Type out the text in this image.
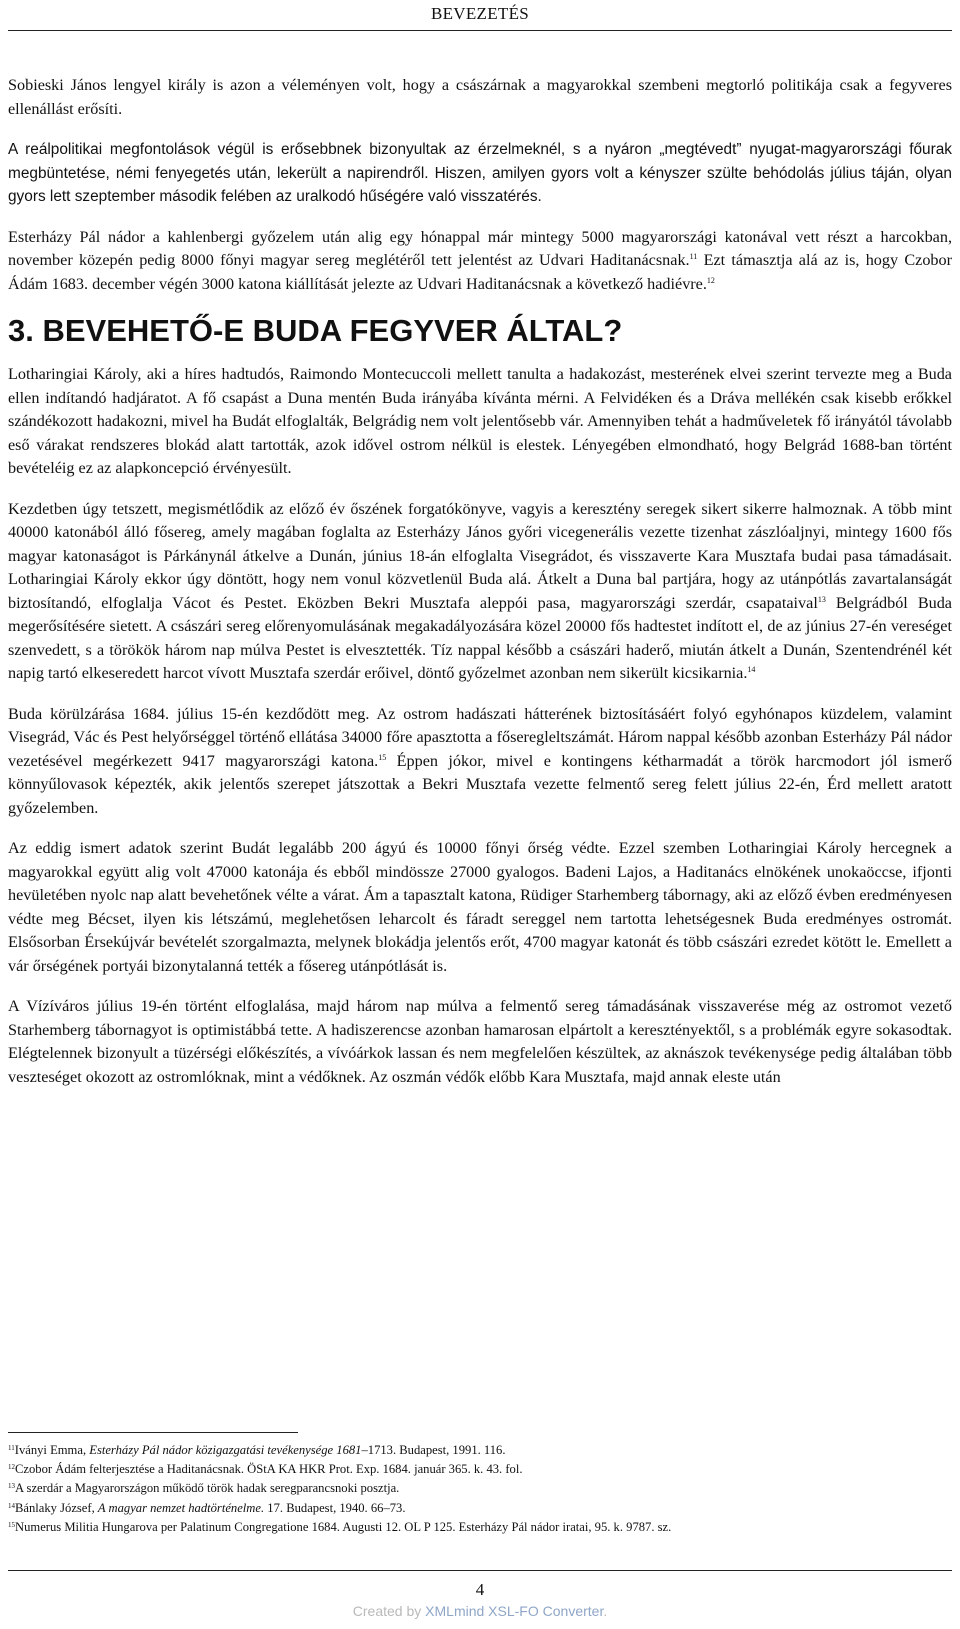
BEVEZETÉS

Sobieski János lengyel király is azon a véleményen volt, hogy a császárnak a magyarokkal szembeni megtorló politikája csak a fegyveres ellenállást erősíti.

A reálpolitikai megfontolások végül is erősebbnek bizonyultak az érzelmeknél, s a nyáron „megtévedt” nyugat-magyarországi főurak megbüntetése, némi fenyegetés után, lekerült a napirendről. Hiszen, amilyen gyors volt a kényszer szülte behódolás július táján, olyan gyors lett szeptember második felében az uralkodó hűségére való visszatérés.

Esterházy Pál nádor a kahlenbergi győzelem után alig egy hónappal már mintegy 5000 magyarországi katonával vett részt a harcokban, november közepén pedig 8000 főnyi magyar sereg meglétéről tett jelentést az Udvari Haditanácsnak.$^{11}$ Ezt támasztja alá az is, hogy Czobor Ádám 1683. december végén 3000 katona kiállítását jelezte az Udvari Haditanácsnak a következő hadiévre.$^{12}$

3. BEVEHETŐ-E BUDA FEGYVER ÁLTAL?

Lotharingiai Károly, aki a híres hadtudós, Raimondo Montecuccoli mellett tanulta a hadakozást, mesterének elvei szerint tervezte meg a Buda ellen indítandó hadjáratot. A fő csapást a Duna mentén Buda irányába kívánta mérni. A Felvidéken és a Dráva mellékén csak kisebb erőkkel szándékozott hadakozni, mivel ha Budát elfoglalták, Belgrádig nem volt jelentősebb vár. Amennyiben tehát a hadműveletek fő irányától távolabb eső várakat rendszeres blokád alatt tartották, azok idővel ostrom nélkül is elestek. Lényegében elmondható, hogy Belgrád 1688-ban történt bevételéig ez az alapkoncepció érvényesült.

Kezdetben úgy tetszett, megismétlődik az előző év őszének forgatókönyve, vagyis a keresztény seregek sikert sikerre halmoznak. A több mint 40000 katonából álló fősereg, amely magában foglalta az Esterházy János győri vicegenerális vezette tizenhat zászlóaljnyi, mintegy 1600 fős magyar katonaságot is Párkánynál átkelve a Dunán, június 18-án elfoglalta Visegrádot, és visszaverte Kara Musztafa budai pasa támadásait. Lotharingiai Károly ekkor úgy döntött, hogy nem vonul közvetlenül Buda alá. Átkelt a Duna bal partjára, hogy az utánpótlás zavartalanságát biztosítandó, elfoglalja Vácot és Pestet. Eközben Bekri Musztafa aleppói pasa, magyarországi szerdár, csapataival$^{13}$ Belgrádból Buda megerősítésére sietett. A császári sereg előrenyomulásának megakadályozására közel 20000 fős hadtestet indított el, de az június 27-én vereséget szenvedett, s a törökök három nap múlva Pestet is elvesztették. Tíz nappal később a császári haderő, miután átkelt a Dunán, Szentendrénél két napig tartó elkeseredett harcot vívott Musztafa szerdár erőivel, döntő győzelmet azonban nem sikerült kicsikarnia.$^{14}$

Buda körülzárása 1684. július 15-én kezdődött meg. Az ostrom hadászati hátterének biztosításáért folyó egyhónapos küzdelem, valamint Visegrád, Vác és Pest helyőrséggel történő ellátása 34000 főre apasztotta a főseregleltszámát. Három nappal később azonban Esterházy Pál nádor vezetésével megérkezett 9417 magyarországi katona.$^{15}$ Éppen jókor, mivel e kontingens kétharmadát a török harcmodort jól ismerő könnyűlovasok képezték, akik jelentős szerepet játszottak a Bekri Musztafa vezette felmentő sereg felett július 22-én, Érd mellett aratott győzelemben.

Az eddig ismert adatok szerint Budát legalább 200 ágyú és 10000 főnyi őrség védte. Ezzel szemben Lotharingiai Károly hercegnek a magyarokkal együtt alig volt 47000 katonája és ebből mindössze 27000 gyalogos. Badeni Lajos, a Haditanács elnökének unokaöccse, ifjonti hevületében nyolc nap alatt bevehetőnek vélte a várat. Ám a tapasztalt katona, Rüdiger Starhemberg tábornagy, aki az előző évben eredményesen védte meg Bécset, ilyen kis létszámú, meglehetősen leharcolt és fáradt sereggel nem tartotta lehetségesnek Buda eredményes ostromát. Elsősorban Érsekújvár bevételét szorgalmazta, melynek blokádja jelentős erőt, 4700 magyar katonát és több császári ezredet kötött le. Emellett a vár őrségének portyái bizonytalanná tették a fősereg utánpótlását is.

A Vízíváros július 19-én történt elfoglalása, majd három nap múlva a felmentő sereg támadásának visszaverése még az ostromot vezető Starhemberg tábornagyot is optimistábbá tette. A hadiszerencse azonban hamarosan elpártolt a keresztényektől, s a problémák egyre sokasodtak. Elégtelennek bizonyult a tüzérségi előkészítés, a vívóárkok lassan és nem megfelelően készültek, az aknászok tevékenysége pedig általában több veszteséget okozott az ostromlóknak, mint a védőknek. Az oszmán védők előbb Kara Musztafa, majd annak eleste után

$^{11}$Iványi Emma, Esterházy Pál nádor közigazgatási tevékenysége 1681–1713. Budapest, 1991. 116.

$^{12}$Czobor Ádám felterjesztése a Haditanácsnak. ÖStA KA HKR Prot. Exp. 1684. január 365. k. 43. fol.

$^{13}$A szerdár a Magyarországon működő török hadak seregparancsnoki posztja.

$^{14}$Bánlaky József, A magyar nemzet hadtörténelme. 17. Budapest, 1940. 66–73.

$^{15}$Numerus Militia Hungarova per Palatinum Congregatione 1684. Augusti 12. OL P 125. Esterházy Pál nádor iratai, 95. k. 9787. sz.

4
Created by XMLmind XSL-FO Converter.
